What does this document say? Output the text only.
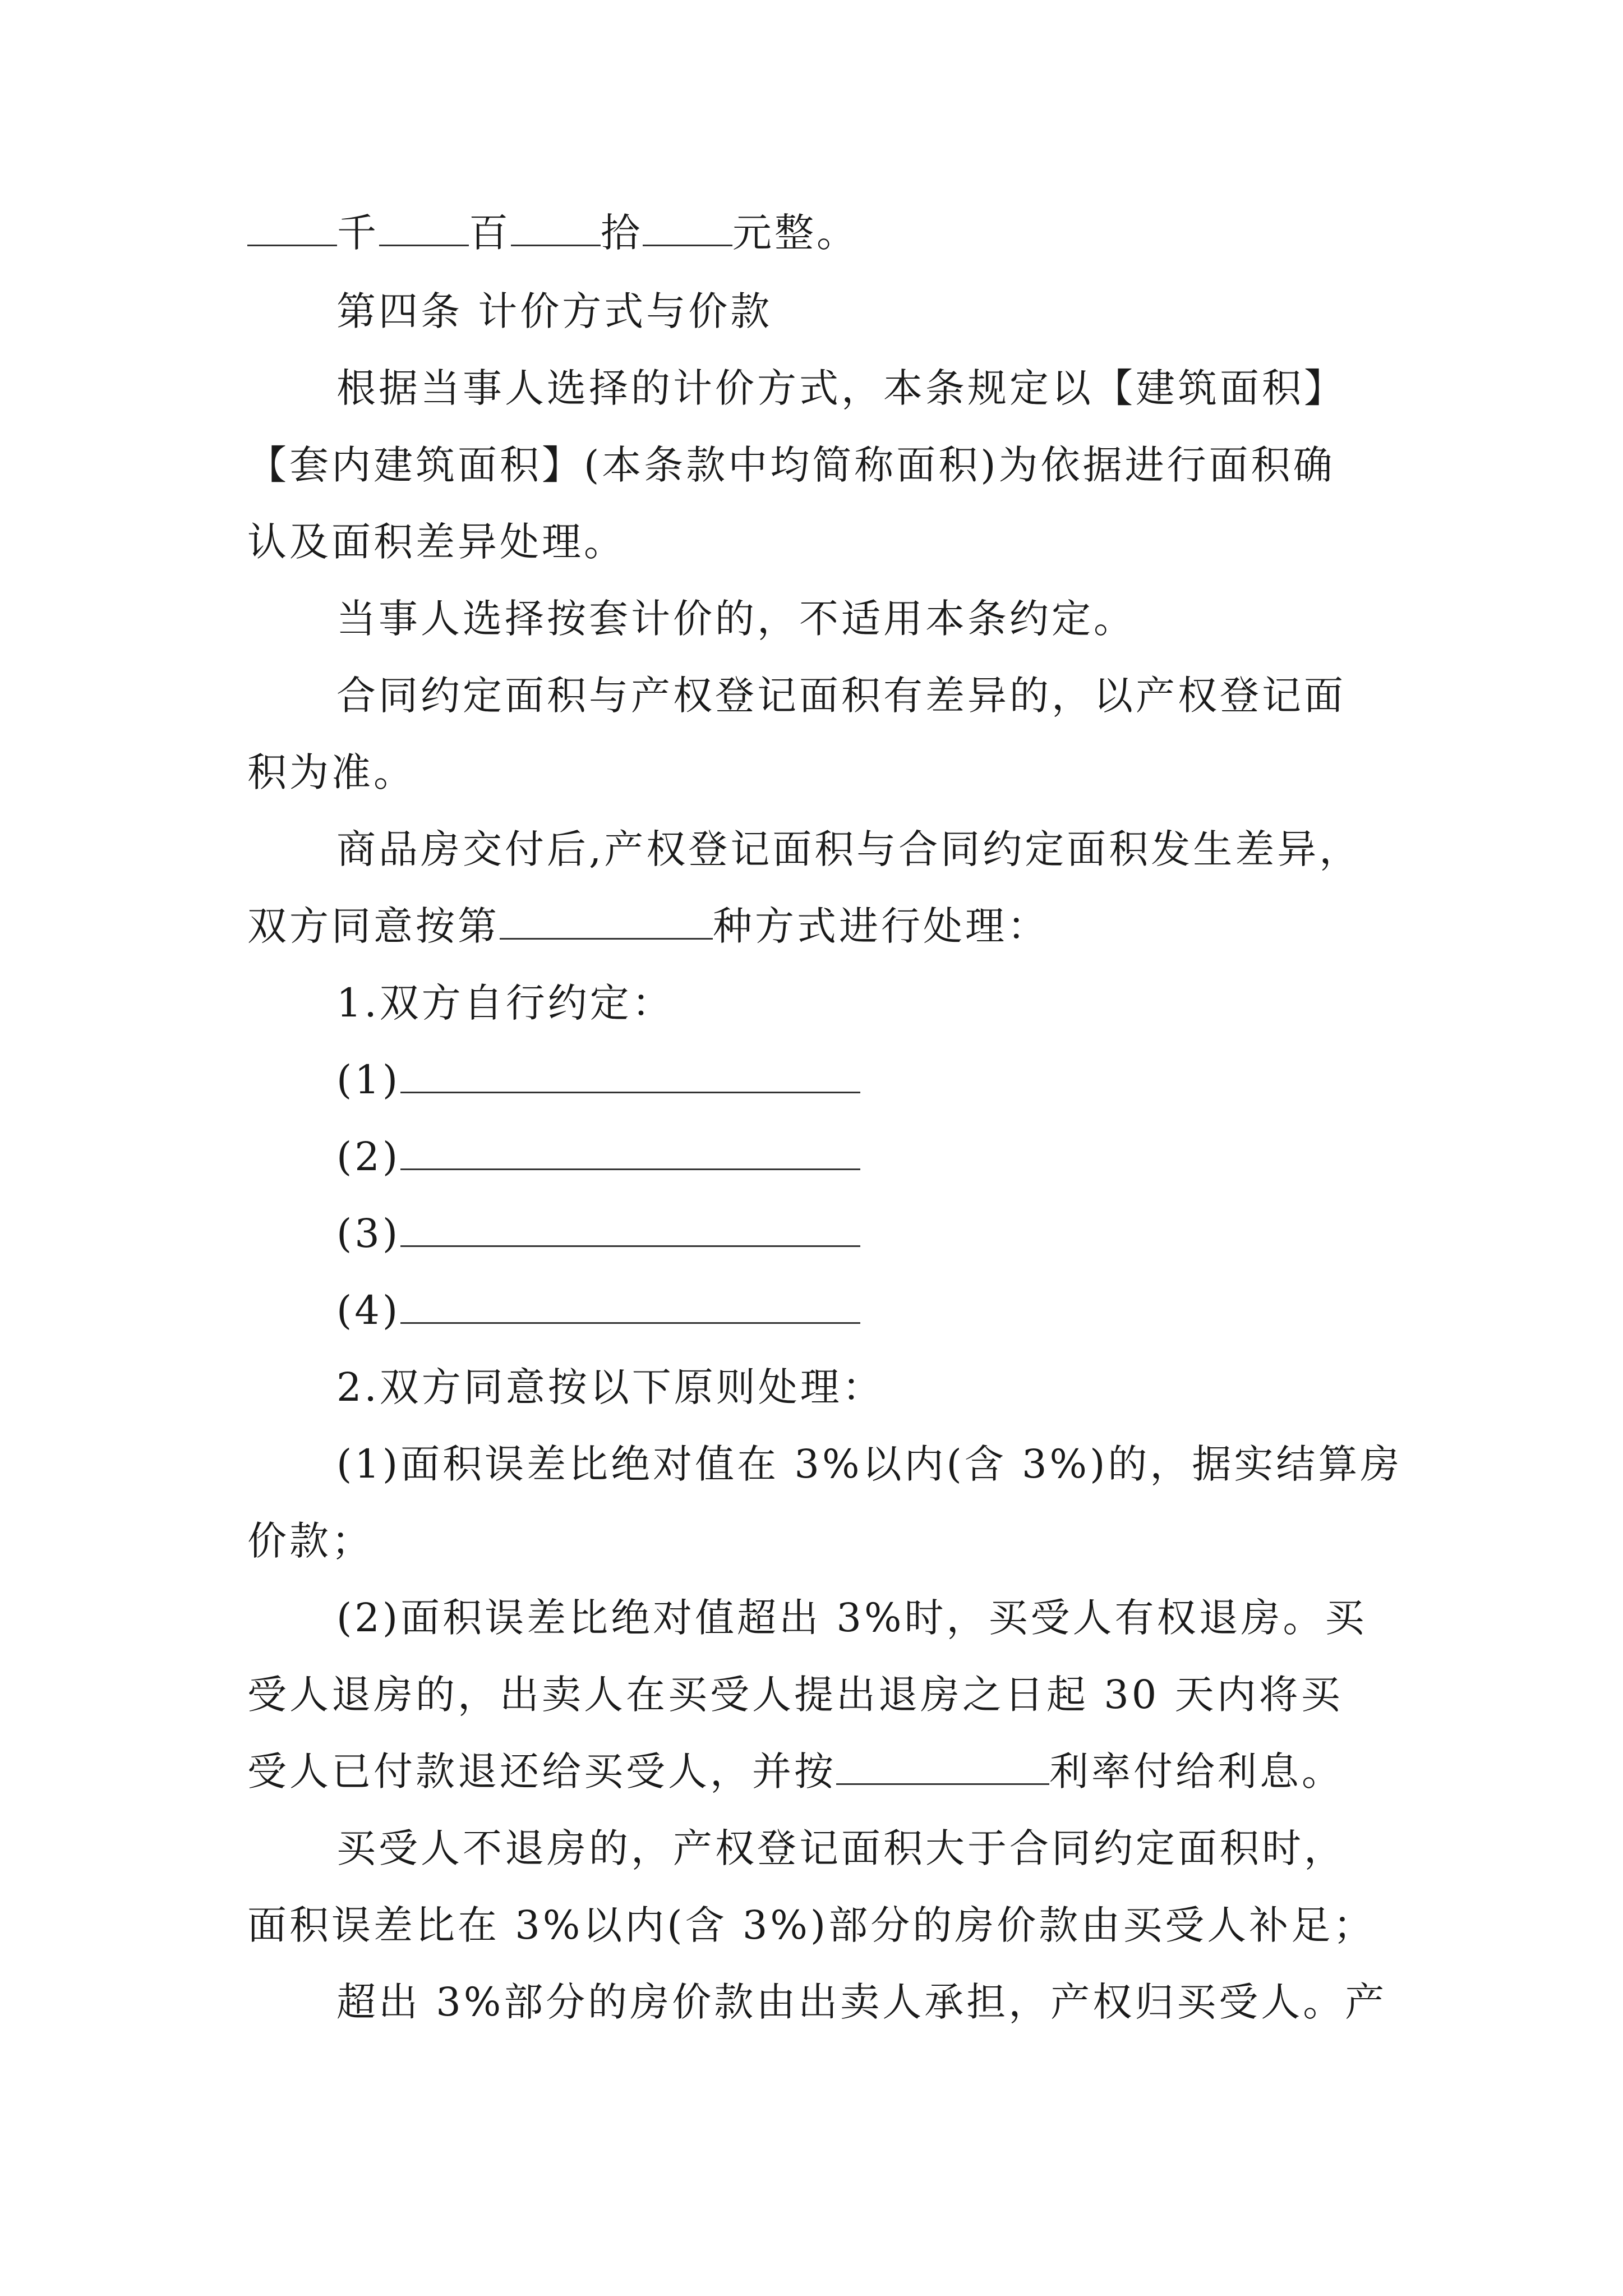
千 百 拾 元整。
第四条 计价方式与价款
根据当事人选择的计价方式，本条规定以【建筑面积】
【套内建筑面积】(本条款中均简称面积)为依据进行面积确
认及面积差异处理。
当事人选择按套计价的，不适用本条约定。
合同约定面积与产权登记面积有差异的，以产权登记面
积为准。
商品房交付后,产权登记面积与合同约定面积发生差异，
双方同意按第	种方式进行处理：
1.双方自行约定：
(1)
(2)
(3)
(4)
2.双方同意按以下原则处理：
(1)面积误差比绝对值在 3%以内(含 3%)的，据实结算房
价款；
(2)面积误差比绝对值超出 3%时，买受人有权退房。买
受人退房的，出卖人在买受人提出退房之日起 30 天内将买
受人已付款退还给买受人，并按	利率付给利息。
买受人不退房的，产权登记面积大于合同约定面积时，
面积误差比在 3%以内(含 3%)部分的房价款由买受人补足；
超出 3%部分的房价款由出卖人承担，产权归买受人。产
